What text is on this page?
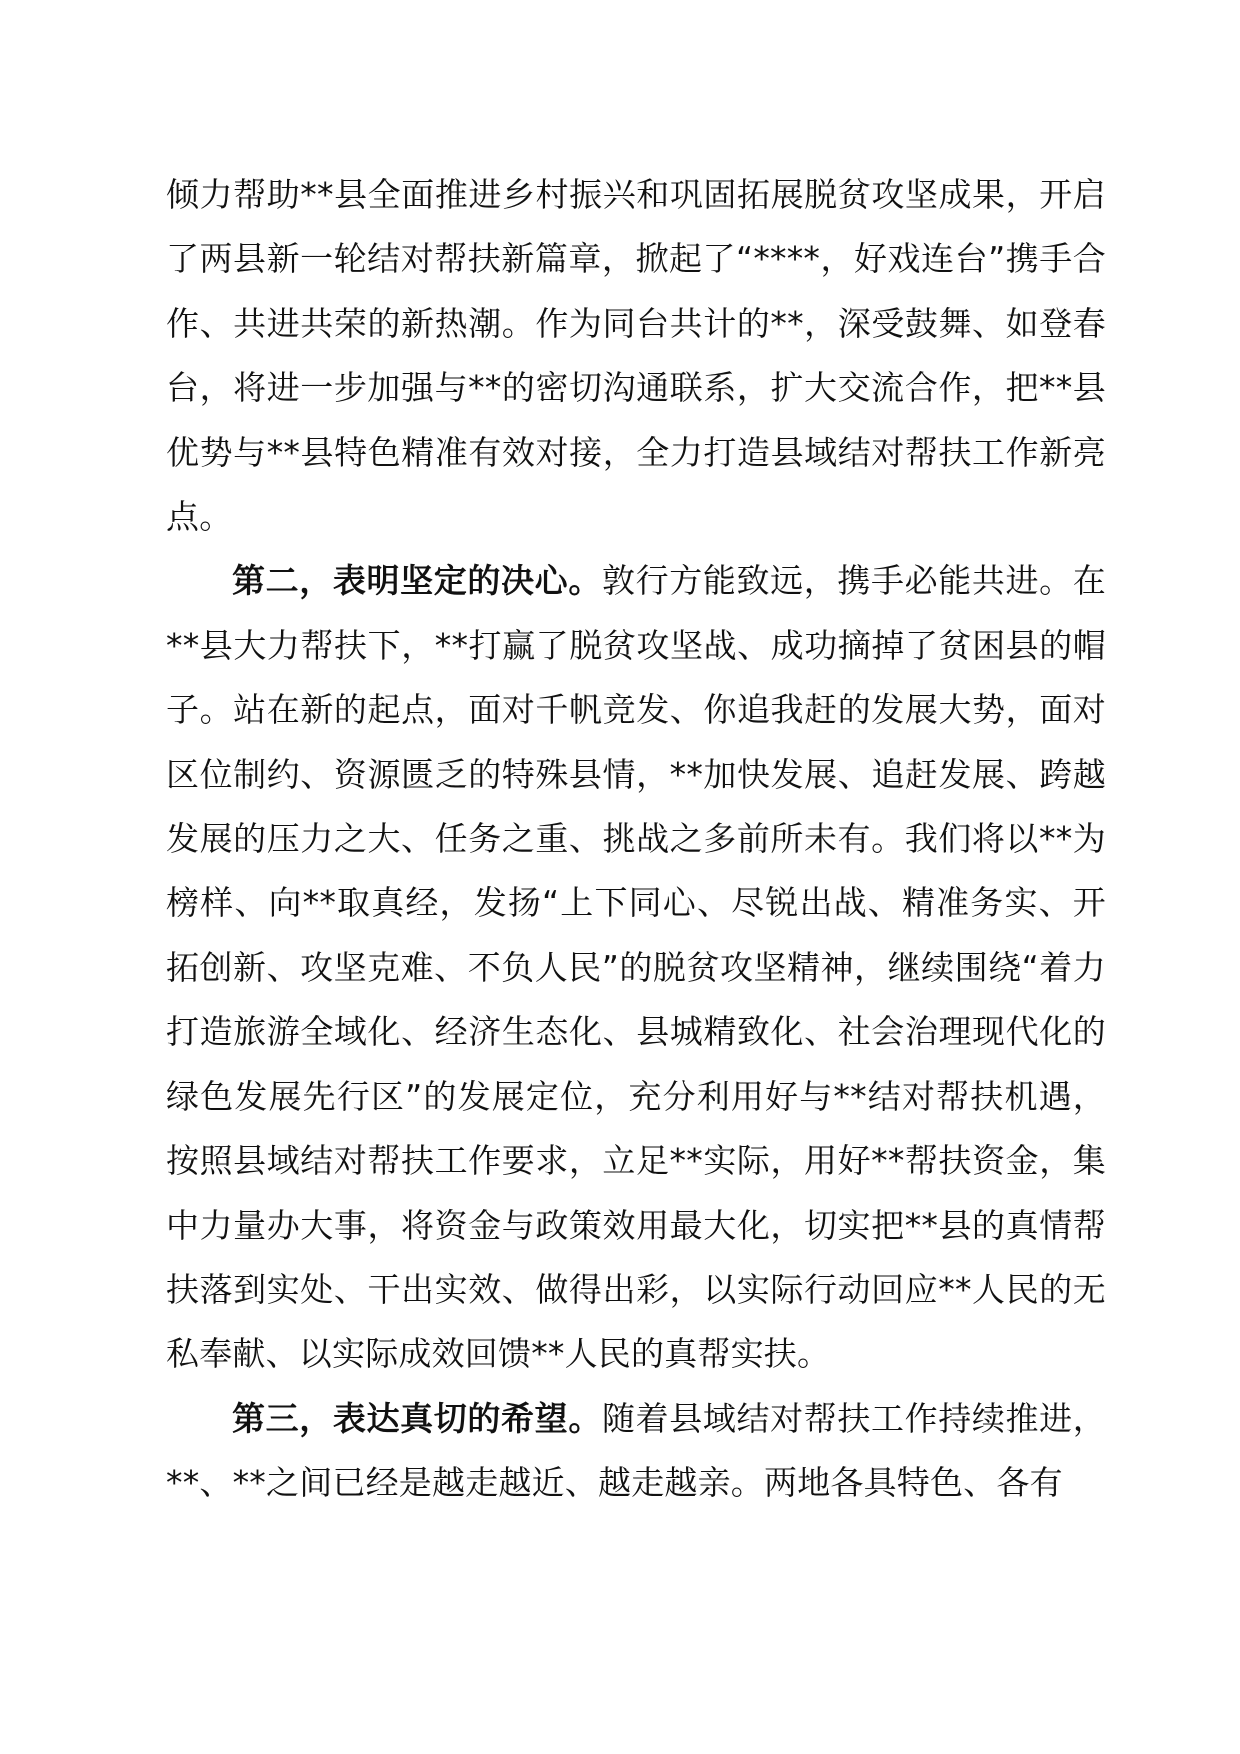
倾力帮助**县全面推进乡村振兴和巩固拓展脱贫攻坚成果，开启了两县新一轮结对帮扶新篇章，掀起了“****，好戏连台”携手合作、共进共荣的新热潮。作为同台共计的**，深受鼓舞、如登春台，将进一步加强与**的密切沟通联系，扩大交流合作，把**县优势与**县特色精准有效对接，全力打造县域结对帮扶工作新亮点。

第二，表明坚定的决心。敦行方能致远，携手必能共进。在**县大力帮扶下，**打赢了脱贫攻坚战、成功摘掉了贫困县的帽子。站在新的起点，面对千帆竞发、你追我赶的发展大势，面对区位制约、资源匮乏的特殊县情，**加快发展、追赶发展、跨越发展的压力之大、任务之重、挑战之多前所未有。我们将以**为榜样、向**取真经，发扬“上下同心、尽锐出战、精准务实、开拓创新、攻坚克难、不负人民”的脱贫攻坚精神，继续围绕“着力打造旅游全域化、经济生态化、县城精致化、社会治理现代化的绿色发展先行区”的发展定位，充分利用好与**结对帮扶机遇，按照县域结对帮扶工作要求，立足**实际，用好**帮扶资金，集中力量办大事，将资金与政策效用最大化，切实把**县的真情帮扶落到实处、干出实效、做得出彩，以实际行动回应**人民的无私奉献、以实际成效回馈**人民的真帮实扶。

第三，表达真切的希望。随着县域结对帮扶工作持续推进，**、**之间已经是越走越近、越走越亲。两地各具特色、各有
